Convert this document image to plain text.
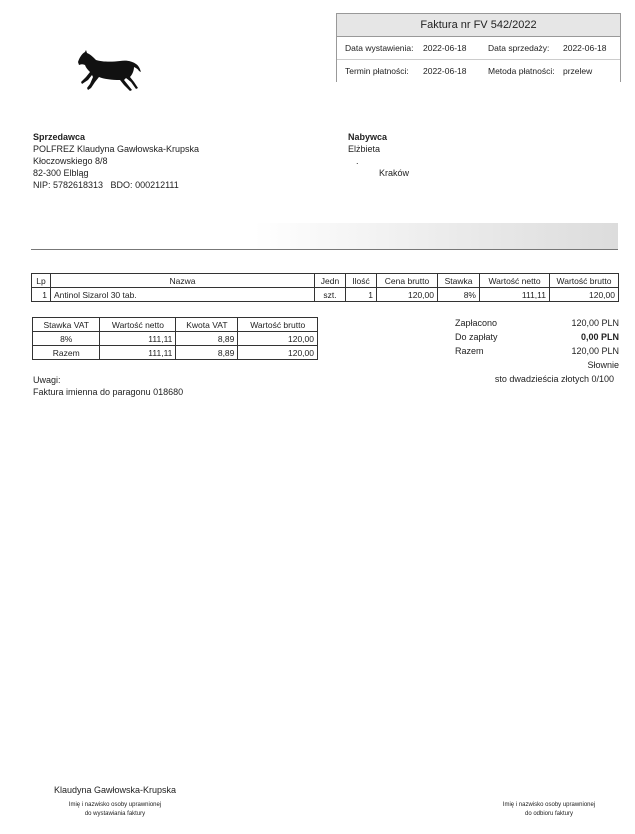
Faktura nr FV 542/2022
Data wystawienia: 2022-06-18	Data sprzedaży: 2022-06-18
Termin płatności: 2022-06-18	Metoda płatności: przelew
Sprzedawca
POLFREZ Klaudyna Gawłowska-Krupska
Kłoczowskiego 8/8
82-300 Elbląg
NIP: 5782618313   BDO: 000212111
Nabywca
Elżbieta
.
Kraków
Lp	Nazwa	Jedn	Ilość	Cena brutto	Stawka	Wartość netto	Wartość brutto
1	Antinol Sizarol 30 tab.	szt.	1	120,00	8%	111,11	120,00
Stawka VAT	Wartość netto	Kwota VAT	Wartość brutto
8%	111,11	8,89	120,00
Razem	111,11	8,89	120,00
Zapłacono	120,00 PLN
Do zapłaty	0,00 PLN
Razem	120,00 PLN
Słownie
sto dwadzieścia złotych 0/100
Uwagi:
Faktura imienna do paragonu 018680
Klaudyna Gawłowska-Krupska
Imię i nazwisko osoby uprawnionej
do wystawiania faktury
Imię i nazwisko osoby uprawnionej
do odbioru faktury
